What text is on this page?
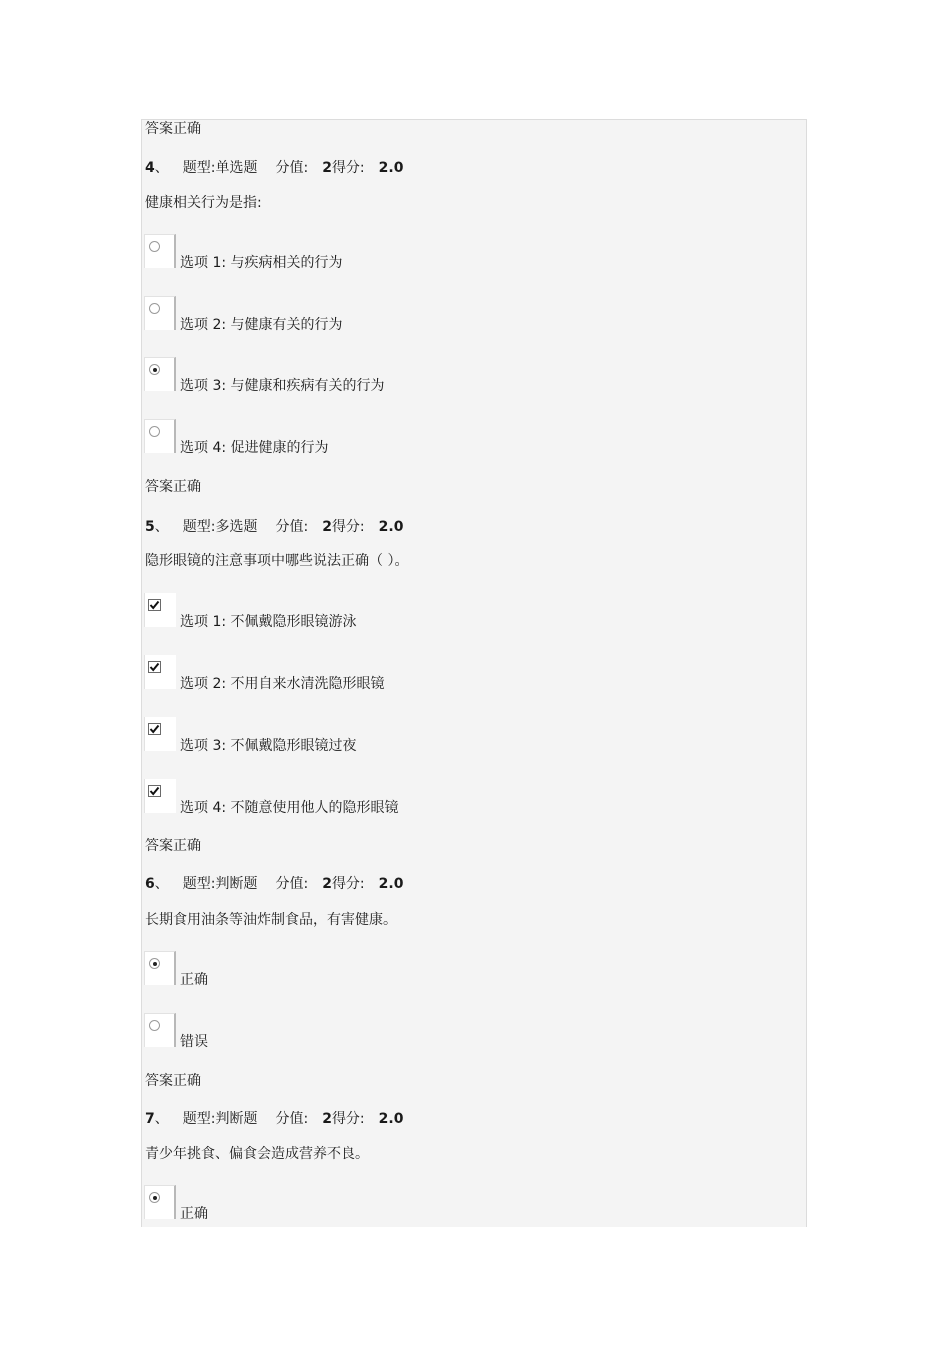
答案正确
4、 题型:单选题 分值: 2得分: 2.0
健康相关行为是指:
选项 1: 与疾病相关的行为
选项 2: 与健康有关的行为
选项 3: 与健康和疾病有关的行为
选项 4: 促进健康的行为
答案正确
5、 题型:多选题 分值: 2得分: 2.0
隐形眼镜的注意事项中哪些说法正确（ ）。
选项 1: 不佩戴隐形眼镜游泳
选项 2: 不用自来水清洗隐形眼镜
选项 3: 不佩戴隐形眼镜过夜
选项 4: 不随意使用他人的隐形眼镜
答案正确
6、 题型:判断题 分值: 2得分: 2.0
长期食用油条等油炸制食品，有害健康。
正确
错误
答案正确
7、 题型:判断题 分值: 2得分: 2.0
青少年挑食、偏食会造成营养不良。
正确
